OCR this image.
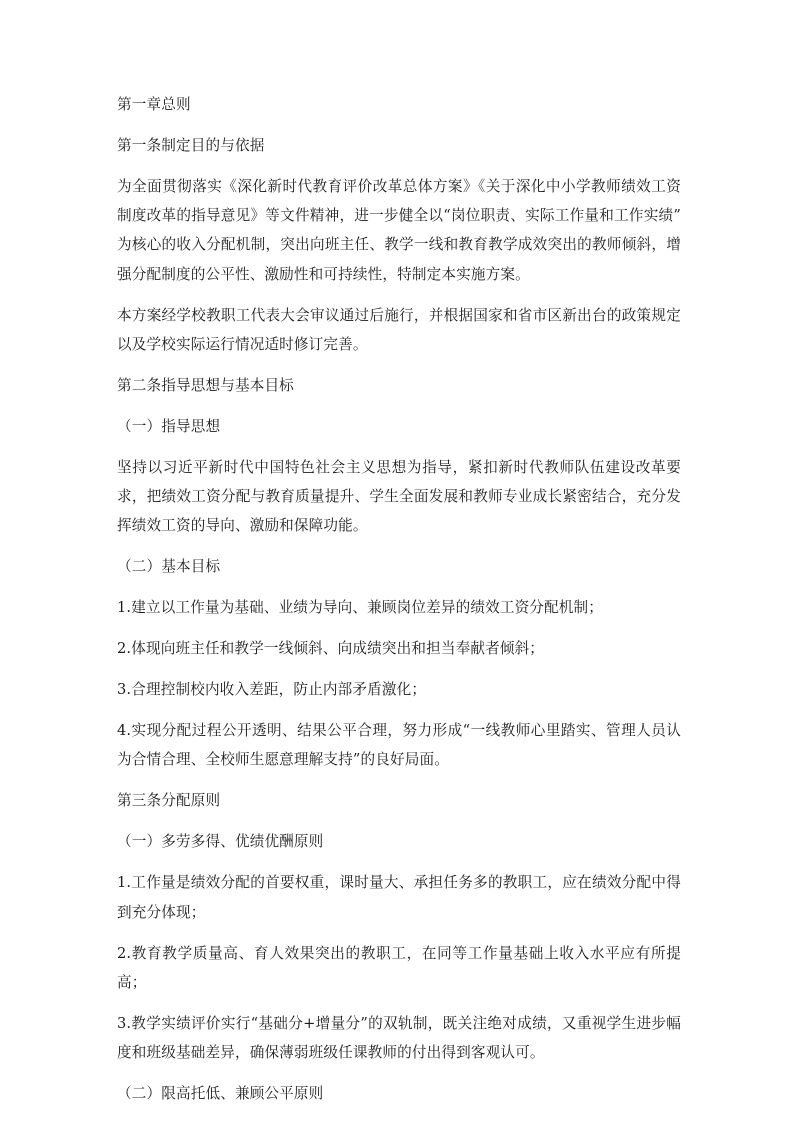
第一章总则

第一条制定目的与依据

为全面贯彻落实《深化新时代教育评价改革总体方案》《关于深化中小学教师绩效工资制度改革的指导意见》等文件精神，进一步健全以“岗位职责、实际工作量和工作实绩”为核心的收入分配机制，突出向班主任、教学一线和教育教学成效突出的教师倾斜，增强分配制度的公平性、激励性和可持续性，特制定本实施方案。

本方案经学校教职工代表大会审议通过后施行，并根据国家和省市区新出台的政策规定以及学校实际运行情况适时修订完善。

第二条指导思想与基本目标

（一）指导思想

坚持以习近平新时代中国特色社会主义思想为指导，紧扣新时代教师队伍建设改革要求，把绩效工资分配与教育质量提升、学生全面发展和教师专业成长紧密结合，充分发挥绩效工资的导向、激励和保障功能。

（二）基本目标

1.建立以工作量为基础、业绩为导向、兼顾岗位差异的绩效工资分配机制；

2.体现向班主任和教学一线倾斜、向成绩突出和担当奉献者倾斜；

3.合理控制校内收入差距，防止内部矛盾激化；

4.实现分配过程公开透明、结果公平合理，努力形成“一线教师心里踏实、管理人员认为合情合理、全校师生愿意理解支持”的良好局面。

第三条分配原则

（一）多劳多得、优绩优酬原则

1.工作量是绩效分配的首要权重，课时量大、承担任务多的教职工，应在绩效分配中得到充分体现；

2.教育教学质量高、育人效果突出的教职工，在同等工作量基础上收入水平应有所提高；

3.教学实绩评价实行“基础分+增量分”的双轨制，既关注绝对成绩，又重视学生进步幅度和班级基础差异，确保薄弱班级任课教师的付出得到客观认可。

（二）限高托低、兼顾公平原则
